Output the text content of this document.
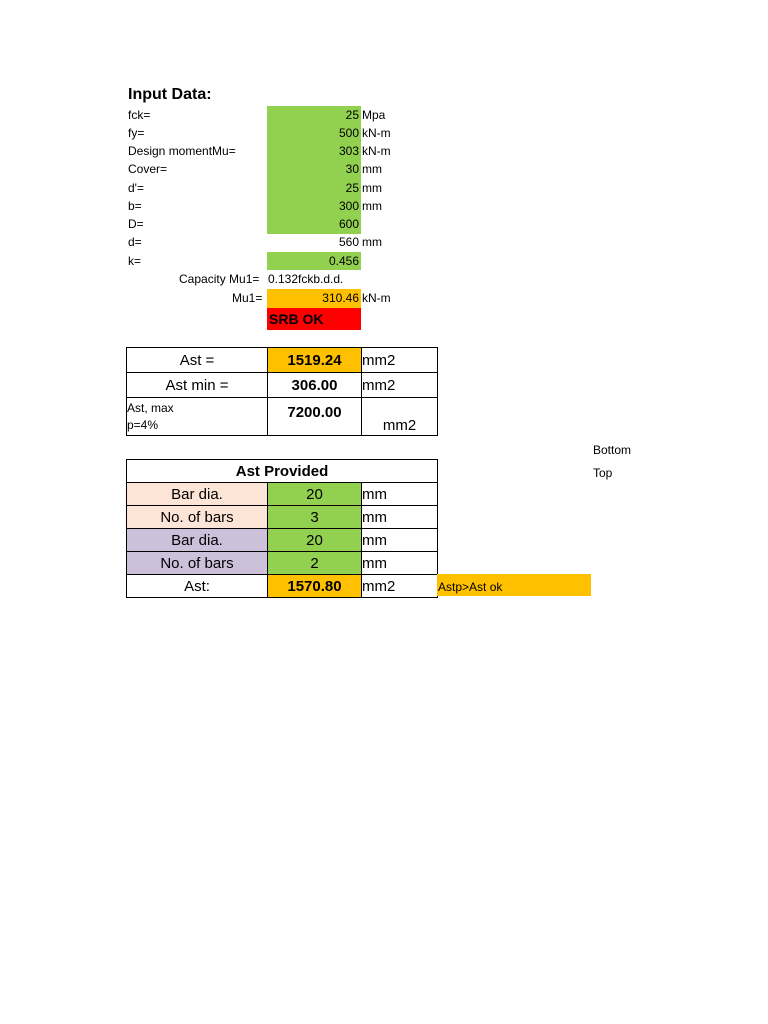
Input Data:
fck=	25 Mpa
fy=	500 kN-m
Design momentMu=	303 kN-m
Cover=	30 mm
d'=	25 mm
b=	300 mm
D=	600
d=	560 mm
k=	0.456
Capacity Mu1= 0.132fckb.d.d.
Mu1=	310.46 kN-m
SRB OK
Ast =	1519.24	mm2
Ast min =	306.00	mm2

Ast, max
p=4%	7200.00	mm2
Bottom
Top
Ast Provided		
Bar dia.	20	mm
No. of bars	3	mm
Bar dia.	20	mm
No. of bars	2	mm
Ast:	1570.80	mm2	Astp>Ast ok
